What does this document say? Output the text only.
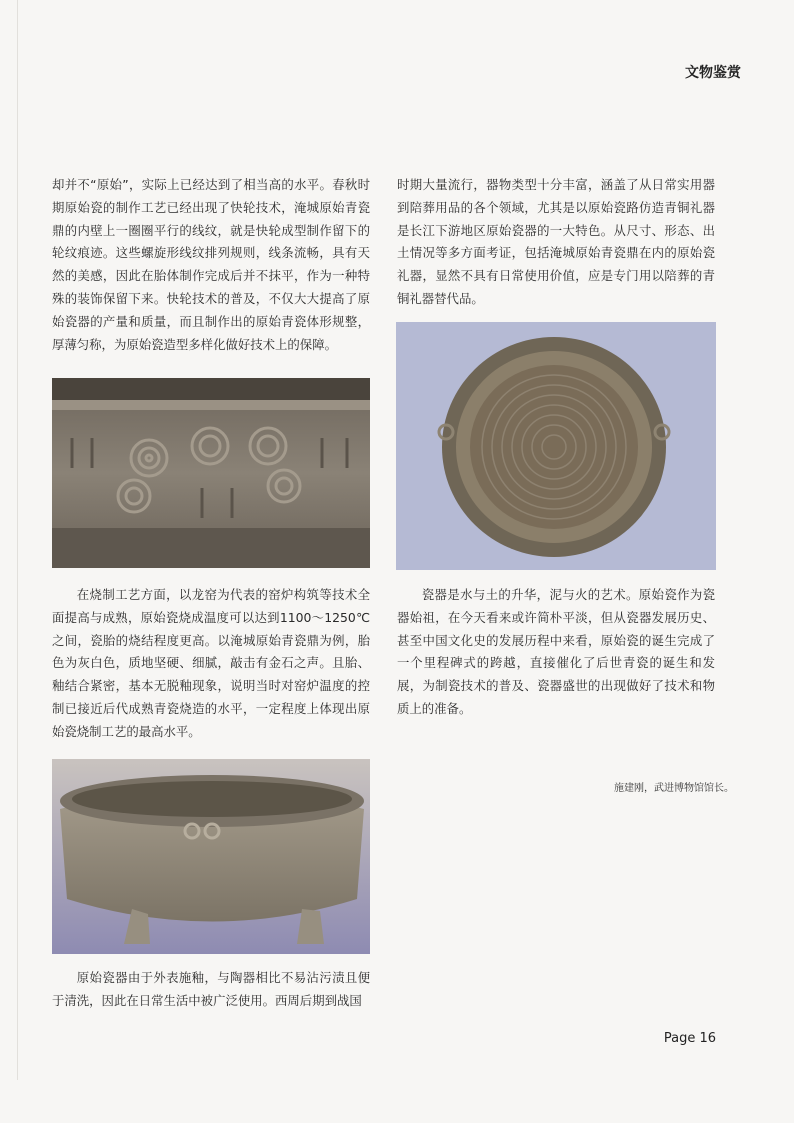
文物鉴赏

却并不“原始”，实际上已经达到了相当高的水平。春秋时期原始瓷的制作工艺已经出现了快轮技术，淹城原始青瓷鼎的内壁上一圈圈平行的线纹，就是快轮成型制作留下的轮纹痕迹。这些螺旋形线纹排列规则，线条流畅，具有天然的美感，因此在胎体制作完成后并不抹平，作为一种特殊的装饰保留下来。快轮技术的普及，不仅大大提高了原始瓷器的产量和质量，而且制作出的原始青瓷体形规整，厚薄匀称，为原始瓷造型多样化做好技术上的保障。

在烧制工艺方面，以龙窑为代表的窑炉构筑等技术全面提高与成熟，原始瓷烧成温度可以达到1100～1250℃之间，瓷胎的烧结程度更高。以淹城原始青瓷鼎为例，胎色为灰白色，质地坚硬、细腻，敲击有金石之声。且胎、釉结合紧密，基本无脱釉现象，说明当时对窑炉温度的控制已接近后代成熟青瓷烧造的水平，一定程度上体现出原始瓷烧制工艺的最高水平。

原始瓷器由于外表施釉，与陶器相比不易沾污渍且便于清洗，因此在日常生活中被广泛使用。西周后期到战国

时期大量流行，器物类型十分丰富，涵盖了从日常实用器到陪葬用品的各个领域，尤其是以原始瓷路仿造青铜礼器是长江下游地区原始瓷器的一大特色。从尺寸、形态、出土情况等多方面考证，包括淹城原始青瓷鼎在内的原始瓷礼器，显然不具有日常使用价值，应是专门用以陪葬的青铜礼器替代品。

瓷器是水与土的升华，泥与火的艺术。原始瓷作为瓷器始祖，在今天看来或许简朴平淡，但从瓷器发展历史、甚至中国文化史的发展历程中来看，原始瓷的诞生完成了一个里程碑式的跨越，直接催化了后世青瓷的诞生和发展，为制瓷技术的普及、瓷器盛世的出现做好了技术和物质上的准备。

施建刚，武进博物馆馆长。
Page 16
